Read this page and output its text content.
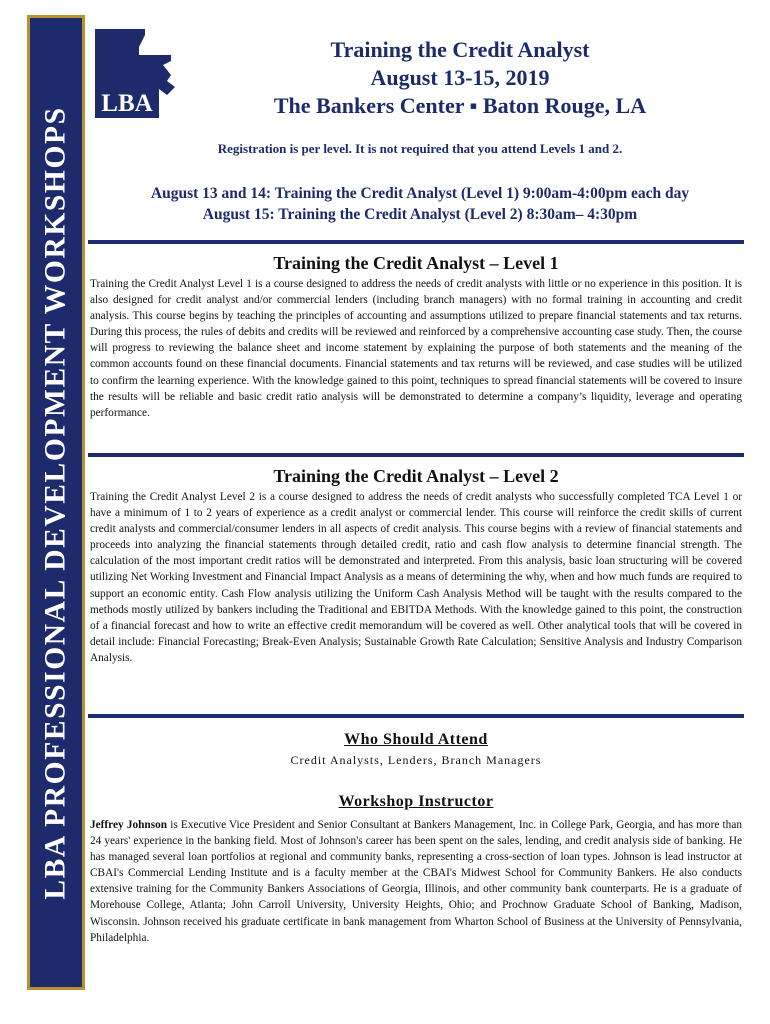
LBA PROFESSIONAL DEVELOPMENT WORKSHOPS
LBA
Training the Credit Analyst
August 13-15, 2019
The Bankers Center ▪ Baton Rouge, LA
Registration is per level. It is not required that you attend Levels 1 and 2.
August 13 and 14: Training the Credit Analyst (Level 1) 9:00am-4:00pm each day
August 15: Training the Credit Analyst (Level 2) 8:30am– 4:30pm
Training the Credit Analyst – Level 1
Training the Credit Analyst Level 1 is a course designed to address the needs of credit analysts with little or no experience in this position. It is also designed for credit analyst and/or commercial lenders (including branch managers) with no formal training in accounting and credit analysis. This course begins by teaching the principles of accounting and assumptions utilized to prepare financial statements and tax returns. During this process, the rules of debits and credits will be reviewed and reinforced by a comprehensive accounting case study. Then, the course will progress to reviewing the balance sheet and income statement by explaining the purpose of both statements and the meaning of the common accounts found on these financial documents. Financial statements and tax returns will be reviewed, and case studies will be utilized to confirm the learning experience. With the knowledge gained to this point, techniques to spread financial statements will be covered to insure the results will be reliable and basic credit ratio analysis will be demonstrated to determine a company’s liquidity, leverage and operating performance.
Training the Credit Analyst – Level 2
Training the Credit Analyst Level 2 is a course designed to address the needs of credit analysts who successfully completed TCA Level 1 or have a minimum of 1 to 2 years of experience as a credit analyst or commercial lender. This course will reinforce the credit skills of current credit analysts and commercial/consumer lenders in all aspects of credit analysis. This course begins with a review of financial statements and proceeds into analyzing the financial statements through detailed credit, ratio and cash flow analysis to determine financial strength. The calculation of the most important credit ratios will be demonstrated and interpreted. From this analysis, basic loan structuring will be covered utilizing Net Working Investment and Financial Impact Analysis as a means of determining the why, when and how much funds are required to support an economic entity. Cash Flow analysis utilizing the Uniform Cash Analysis Method will be taught with the results compared to the methods mostly utilized by bankers including the Traditional and EBITDA Methods. With the knowledge gained to this point, the construction of a financial forecast and how to write an effective credit memorandum will be covered as well. Other analytical tools that will be covered in detail include: Financial Forecasting; Break-Even Analysis; Sustainable Growth Rate Calculation; Sensitive Analysis and Industry Comparison Analysis.
Who Should Attend
Credit Analysts, Lenders, Branch Managers
Workshop Instructor
Jeffrey Johnson is Executive Vice President and Senior Consultant at Bankers Management, Inc. in College Park, Georgia, and has more than 24 years' experience in the banking field. Most of Johnson's career has been spent on the sales, lending, and credit analysis side of banking. He has managed several loan portfolios at regional and community banks, representing a cross-section of loan types. Johnson is lead instructor at CBAI's Commercial Lending Institute and is a faculty member at the CBAI's Midwest School for Community Bankers. He also conducts extensive training for the Community Bankers Associations of Georgia, Illinois, and other community bank counterparts. He is a graduate of Morehouse College, Atlanta; John Carroll University, University Heights, Ohio; and Prochnow Graduate School of Banking, Madison, Wisconsin. Johnson received his graduate certificate in bank management from Wharton School of Business at the University of Pennsylvania, Philadelphia.
